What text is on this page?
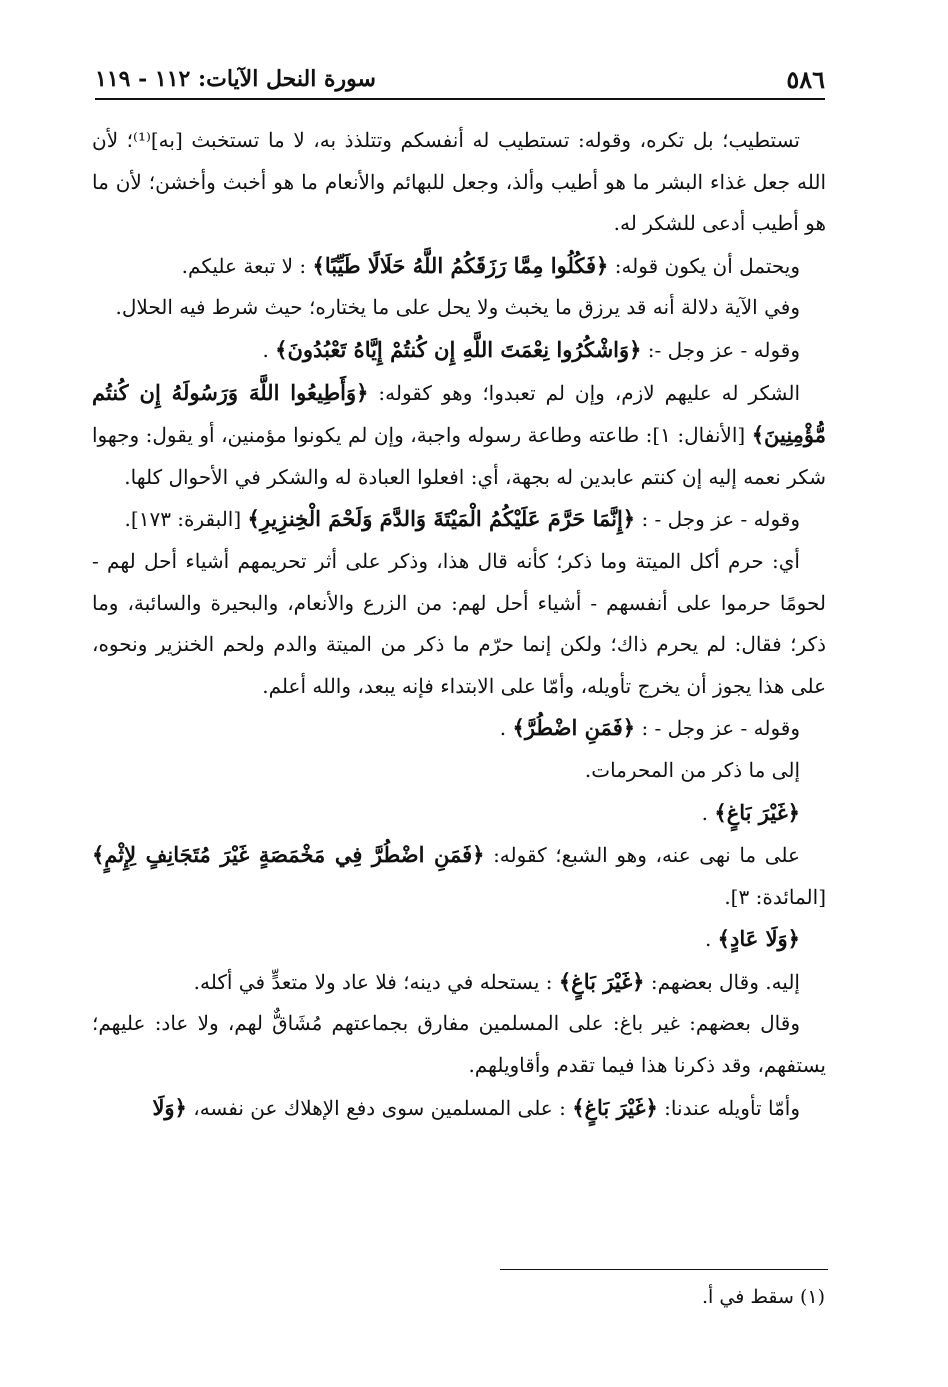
٥٨٦
سورة النحل الآيات: ١١٢ - ١١٩

تستطيب؛ بل تكره، وقوله: تستطيب له أنفسكم وتتلذذ به، لا ما تستخبث [به]⁽¹⁾؛ لأن الله جعل غذاء البشر ما هو أطيب وألذ، وجعل للبهائم والأنعام ما هو أخبث وأخشن؛ لأن ما هو أطيب أدعى للشكر له.

ويحتمل أن يكون قوله: ﴿فَكُلُوا مِمَّا رَزَقَكُمُ اللَّهُ حَلَالًا طَيِّبًا﴾ : لا تبعة عليكم.

وفي الآية دلالة أنه قد يرزق ما يخبث ولا يحل على ما يختاره؛ حيث شرط فيه الحلال.

وقوله - عز وجل -: ﴿وَاشْكُرُوا نِعْمَتَ اللَّهِ إِن كُنتُمْ إِيَّاهُ تَعْبُدُونَ﴾ .

الشكر له عليهم لازم، وإن لم تعبدوا؛ وهو كقوله: ﴿وَأَطِيعُوا اللَّهَ وَرَسُولَهُ إِن كُنتُم مُّؤْمِنِينَ﴾ [الأنفال: ١]: طاعته وطاعة رسوله واجبة، وإن لم يكونوا مؤمنين، أو يقول: وجهوا شكر نعمه إليه إن كنتم عابدين له بجهة، أي: افعلوا العبادة له والشكر في الأحوال كلها.

وقوله - عز وجل - : ﴿إِنَّمَا حَرَّمَ عَلَيْكُمُ الْمَيْتَةَ وَالدَّمَ وَلَحْمَ الْخِنزِيرِ﴾ [البقرة: ١٧٣].

أي: حرم أكل الميتة وما ذكر؛ كأنه قال هذا، وذكر على أثر تحريمهم أشياء أحل لهم - لحومًا حرموا على أنفسهم - أشياء أحل لهم: من الزرع والأنعام، والبحيرة والسائبة، وما ذكر؛ فقال: لم يحرم ذاك؛ ولكن إنما حرّم ما ذكر من الميتة والدم ولحم الخنزير ونحوه، على هذا يجوز أن يخرج تأويله، وأمّا على الابتداء فإنه يبعد، والله أعلم.

وقوله - عز وجل - : ﴿فَمَنِ اضْطُرَّ﴾ .

إلى ما ذكر من المحرمات.

﴿غَيْرَ بَاغٍ﴾ .

على ما نهى عنه، وهو الشبع؛ كقوله: ﴿فَمَنِ اضْطُرَّ فِي مَخْمَصَةٍ غَيْرَ مُتَجَانِفٍ لِإِثْمٍ﴾ [المائدة: ٣].

﴿وَلَا عَادٍ﴾ .

إليه. وقال بعضهم: ﴿غَيْرَ بَاغٍ﴾ : يستحله في دينه؛ فلا عاد ولا متعدٍّ في أكله.

وقال بعضهم: غير باغ: على المسلمين مفارق بجماعتهم مُشَاقٌّ لهم، ولا عاد: عليهم؛ يستفهم، وقد ذكرنا هذا فيما تقدم وأقاويلهم.

وأمّا تأويله عندنا: ﴿غَيْرَ بَاغٍ﴾ : على المسلمين سوى دفع الإهلاك عن نفسه، ﴿وَلَا

(١) سقط في أ.
